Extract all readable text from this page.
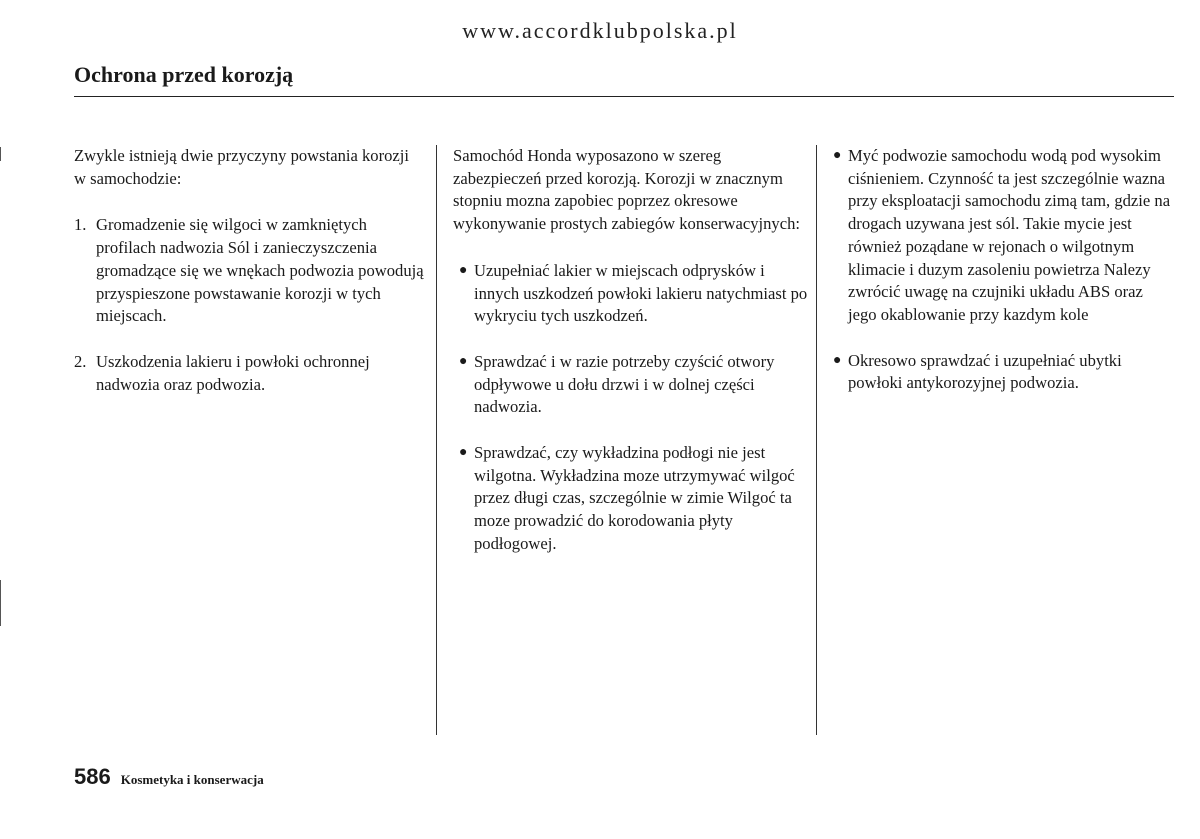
www.accordklubpolska.pl
Ochrona przed korozją

Zwykle istnieją dwie przyczyny powstania korozji w samochodzie:

1. Gromadzenie się wilgoci w zamkniętych profilach nadwozia Sól i zanieczyszczenia gromadzące się we wnękach podwozia powodują przyspieszone powstawanie korozji w tych miejscach.
2. Uszkodzenia lakieru i powłoki ochronnej nadwozia oraz podwozia.

Samochód Honda wyposazono w szereg zabezpieczeń przed korozją. Korozji w znacznym stopniu mozna zapobiec poprzez okresowe wykonywanie prostych zabiegów konserwacyjnych:

● Uzupełniać lakier w miejscach odprysków i innych uszkodzeń powłoki lakieru natychmiast po wykryciu tych uszkodzeń.
● Sprawdzać i w razie potrzeby czyścić otwory odpływowe u dołu drzwi i w dolnej części nadwozia.
● Sprawdzać, czy wykładzina podłogi nie jest wilgotna. Wykładzina moze utrzymywać wilgoć przez długi czas, szczególnie w zimie Wilgoć ta moze prowadzić do korodowania płyty podłogowej.
● Myć podwozie samochodu wodą pod wysokim ciśnieniem. Czynność ta jest szczególnie wazna przy eksploatacji samochodu zimą tam, gdzie na drogach uzywana jest sól. Takie mycie jest również poządane w rejonach o wilgotnym klimacie i duzym zasoleniu powietrza Nalezy zwrócić uwagę na czujniki układu ABS oraz jego okablowanie przy kazdym kole
● Okresowo sprawdzać i uzupełniać ubytki powłoki antykorozyjnej podwozia.
586 Kosmetyka i konserwacja
